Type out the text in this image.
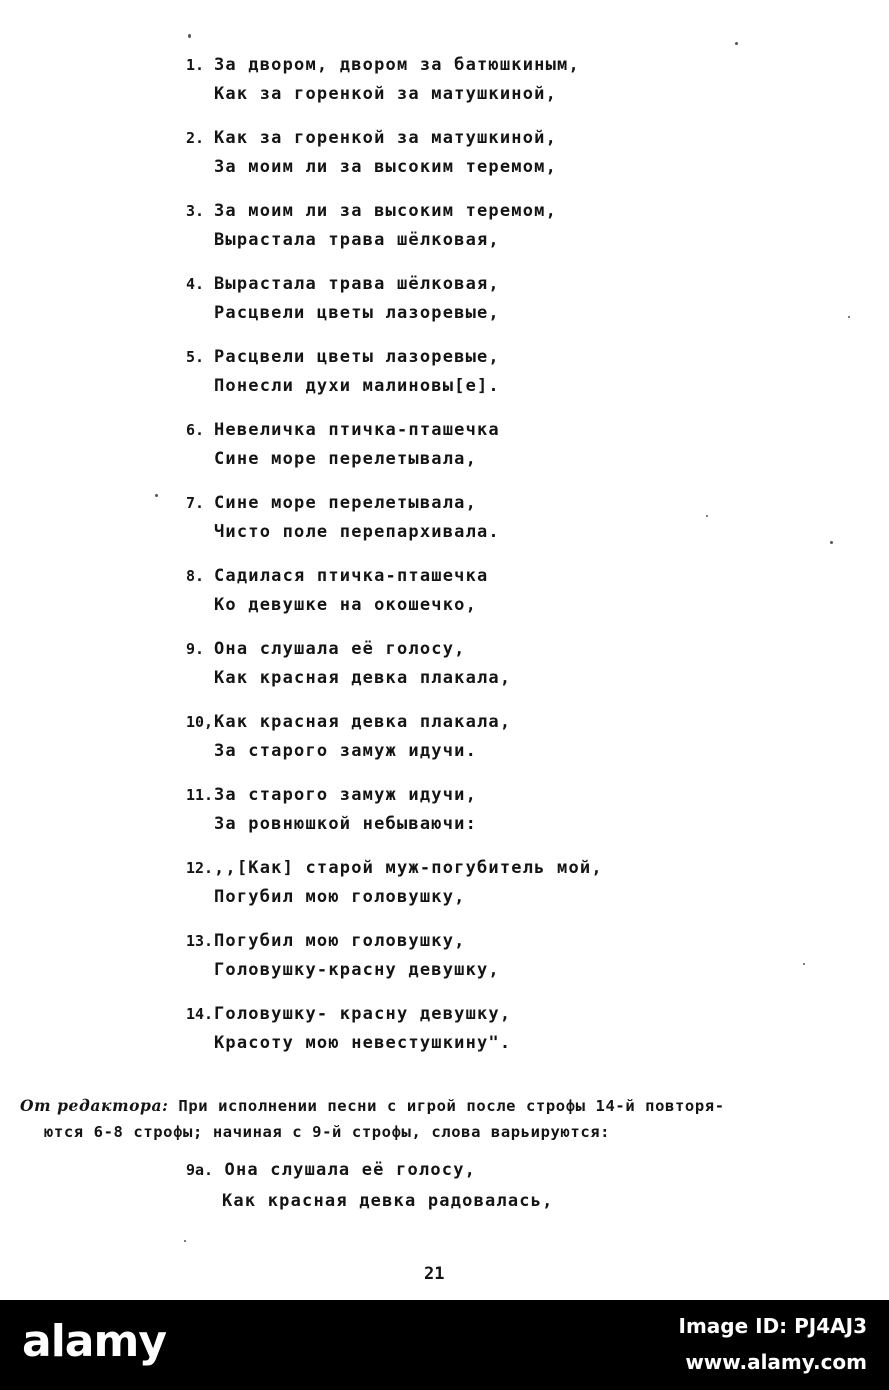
1. За двором, двором за батюшкиным,
Как за горенкой за матушкиной,
2. Как за горенкой за матушкиной,
За моим ли за высоким теремом,
3. За моим ли за высоким теремом,
Вырастала трава шёлковая,
4. Вырастала трава шёлковая,
Расцвели цветы лазоревые,
5. Расцвели цветы лазоревые,
Понесли духи малиновы[е].
6. Невеличка птичка-пташечка
Сине море перелетывала,
7. Сине море перелетывала,
Чисто поле перепархивала.
8. Садилася птичка-пташечка
Ко девушке на окошечко,
9. Она слушала её голосу,
Как красная девка плакала,
10, Как красная девка плакала,
За старого замуж идучи.
11. За старого замуж идучи,
За ровнюшкой небываючи:
12. ,,[Как] старой муж-погубитель мой,
Погубил мою головушку,
13. Погубил мою головушку,
Головушку-красну девушку,
14. Головушку- красну девушку,
Красоту мою невестушкину".
От редактора: При исполнении песни с игрой после строфы 14-й повторя-
ются 6-8 строфы; начиная с 9-й строфы, слова варьируются:
9а. Она слушала её голосу,
Как красная девка радовалась,
21
alamy	Image ID: PJ4AJ3
www.alamy.com
